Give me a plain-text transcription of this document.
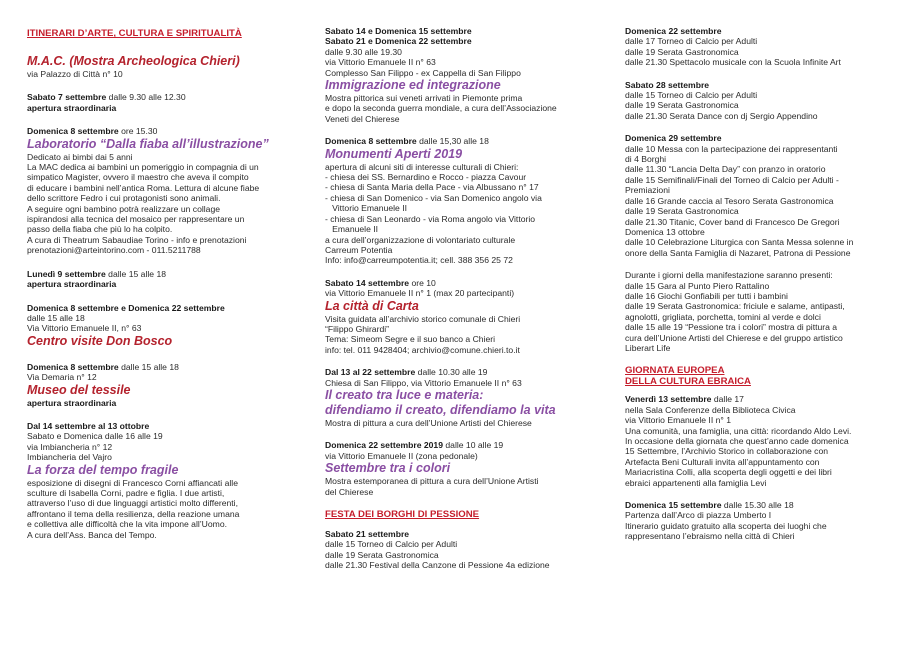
ITINERARI D’ARTE, CULTURA E SPIRITUALITÀ
M.A.C. (Mostra Archeologica Chieri)
via Palazzo di Città n° 10
Sabato 7 settembre dalle 9.30 alle 12.30
apertura straordinaria
Domenica 8 settembre ore 15.30
Laboratorio “Dalla fiaba all’illustrazione”
Dedicato ai bimbi dai 5 anni
La MAC dedica ai bambini un pomeriggio in compagnia di un
simpatico Magister, ovvero il maestro che aveva il compito
di educare i bambini nell’antica Roma. Lettura di alcune fiabe
dello scrittore Fedro i cui protagonisti sono animali.
A seguire ogni bambino potrà realizzare un collage
ispirandosi alla tecnica del mosaico per rappresentare un
passo della fiaba che più lo ha colpito.
A cura di Theatrum Sabaudiae Torino - info e prenotazioni
prenotazioni@arteintorino.com - 011.5211788
Lunedì 9 settembre dalle 15 alle 18
apertura straordinaria
Domenica 8 settembre e Domenica 22 settembre
dalle 15 alle 18
Via Vittorio Emanuele II, n° 63
Centro visite Don Bosco
Domenica 8 settembre dalle 15 alle 18
Via Demaria n° 12
Museo del tessile
apertura straordinaria
Dal 14 settembre al 13 ottobre
Sabato e Domenica dalle 16 alle 19
via Imbiancheria n° 12
Imbiancheria del Vajro
La forza del tempo fragile
esposizione di disegni di Francesco Corni affiancati alle
sculture di Isabella Corni, padre e figlia. I due artisti,
attraverso l’uso di due linguaggi artistici molto differenti,
affrontano il tema della resilienza, della reazione umana
e collettiva alle difficoltà che la vita impone all’Uomo.
A cura dell’Ass. Banca del Tempo.
Sabato 14 e Domenica 15 settembre
Sabato 21 e Domenica 22 settembre
dalle 9.30 alle 19.30
via Vittorio Emanuele II n° 63
Complesso San Filippo - ex Cappella di San Filippo
Immigrazione ed integrazione
Mostra pittorica sui veneti arrivati in Piemonte prima
e dopo la seconda guerra mondiale, a cura dell’Associazione
Veneti del Chierese
Domenica 8 settembre dalle 15,30 alle 18
Monumenti Aperti 2019
apertura di alcuni siti di interesse culturali di Chieri:
- chiesa dei SS. Bernardino e Rocco - piazza Cavour
- chiesa di Santa Maria della Pace - via Albussano n° 17
- chiesa di San Domenico - via San Domenico angolo via
Vittorio Emanuele II
- chiesa di San Leonardo - via Roma angolo via Vittorio
Emanuele II
a cura dell’organizzazione di volontariato culturale
Carreum Potentia
Info: info@carreumpotentia.it; cell. 388 356 25 72
Sabato 14 settembre ore 10
via Vittorio Emanuele II n° 1 (max 20 partecipanti)
La città di Carta
Visita guidata all’archivio storico comunale di Chieri
“Filippo Ghirardi”
Tema: Simeom Segre e il suo banco a Chieri
info: tel. 011 9428404; archivio@comune.chieri.to.it
Dal 13 al 22 settembre dalle 10.30 alle 19
Chiesa di San Filippo, via Vittorio Emanuele II n° 63
Il creato tra luce e materia:
difendiamo il creato, difendiamo la vita
Mostra di pittura a cura dell’Unione Artisti del Chierese
Domenica 22 settembre 2019 dalle 10 alle 19
via Vittorio Emanuele II (zona pedonale)
Settembre tra i colori
Mostra estemporanea di pittura a cura dell’Unione Artisti
del Chierese
FESTA DEI BORGHI DI PESSIONE
Sabato 21 settembre
dalle 15 Torneo di Calcio per Adulti
dalle 19 Serata Gastronomica
dalle 21.30 Festival della Canzone di Pessione 4a edizione
Domenica 22 settembre
dalle 17 Torneo di Calcio per Adulti
dalle 19 Serata Gastronomica
dalle 21.30 Spettacolo musicale con la Scuola Infinite Art
Sabato 28 settembre
dalle 15 Torneo di Calcio per Adulti
dalle 19 Serata Gastronomica
dalle 21.30 Serata Dance con dj Sergio Appendino
Domenica 29 settembre
dalle 10 Messa con la partecipazione dei rappresentanti
di 4 Borghi
dalle 11.30 “Lancia Delta Day” con pranzo in oratorio
dalle 15 Semifinali/Finali del Torneo di Calcio per Adulti -
Premiazioni
dalle 16 Grande caccia al Tesoro Serata Gastronomica
dalle 19 Serata Gastronomica
dalle 21.30 Titanic, Cover band di Francesco De Gregori
Domenica 13 ottobre
dalle 10 Celebrazione Liturgica con Santa Messa solenne in
onore della Santa Famiglia di Nazaret, Patrona di Pessione
Durante i giorni della manifestazione saranno presenti:
dalle 15 Gara al Punto Piero Rattalino
dalle 16 Giochi Gonfiabili per tutti i bambini
dalle 19 Serata Gastronomica: friciule e salame, antipasti,
agnolotti, grigliata, porchetta, tomini al verde e dolci
dalle 15 alle 19 “Pessione tra i colori” mostra di pittura a
cura dell’Unione Artisti del Chierese e del gruppo artistico
Liberart Life
GIORNATA EUROPEA
DELLA CULTURA EBRAICA
Venerdì 13 settembre dalle 17
nella Sala Conferenze della Biblioteca Civica
via Vittorio Emanuele II n° 1
Una comunità, una famiglia, una città: ricordando Aldo Levi.
In occasione della giornata che quest’anno cade domenica
15 Settembre, l’Archivio Storico in collaborazione con
Artefacta Beni Culturali invita all’appuntamento con
Mariacristina Colli, alla scoperta degli oggetti e dei libri
ebraici appartenenti alla famiglia Levi
Domenica 15 settembre dalle 15.30 alle 18
Partenza dall’Arco di piazza Umberto I
Itinerario guidato gratuito alla scoperta dei luoghi che
rappresentano l’ebraismo nella città di Chieri
